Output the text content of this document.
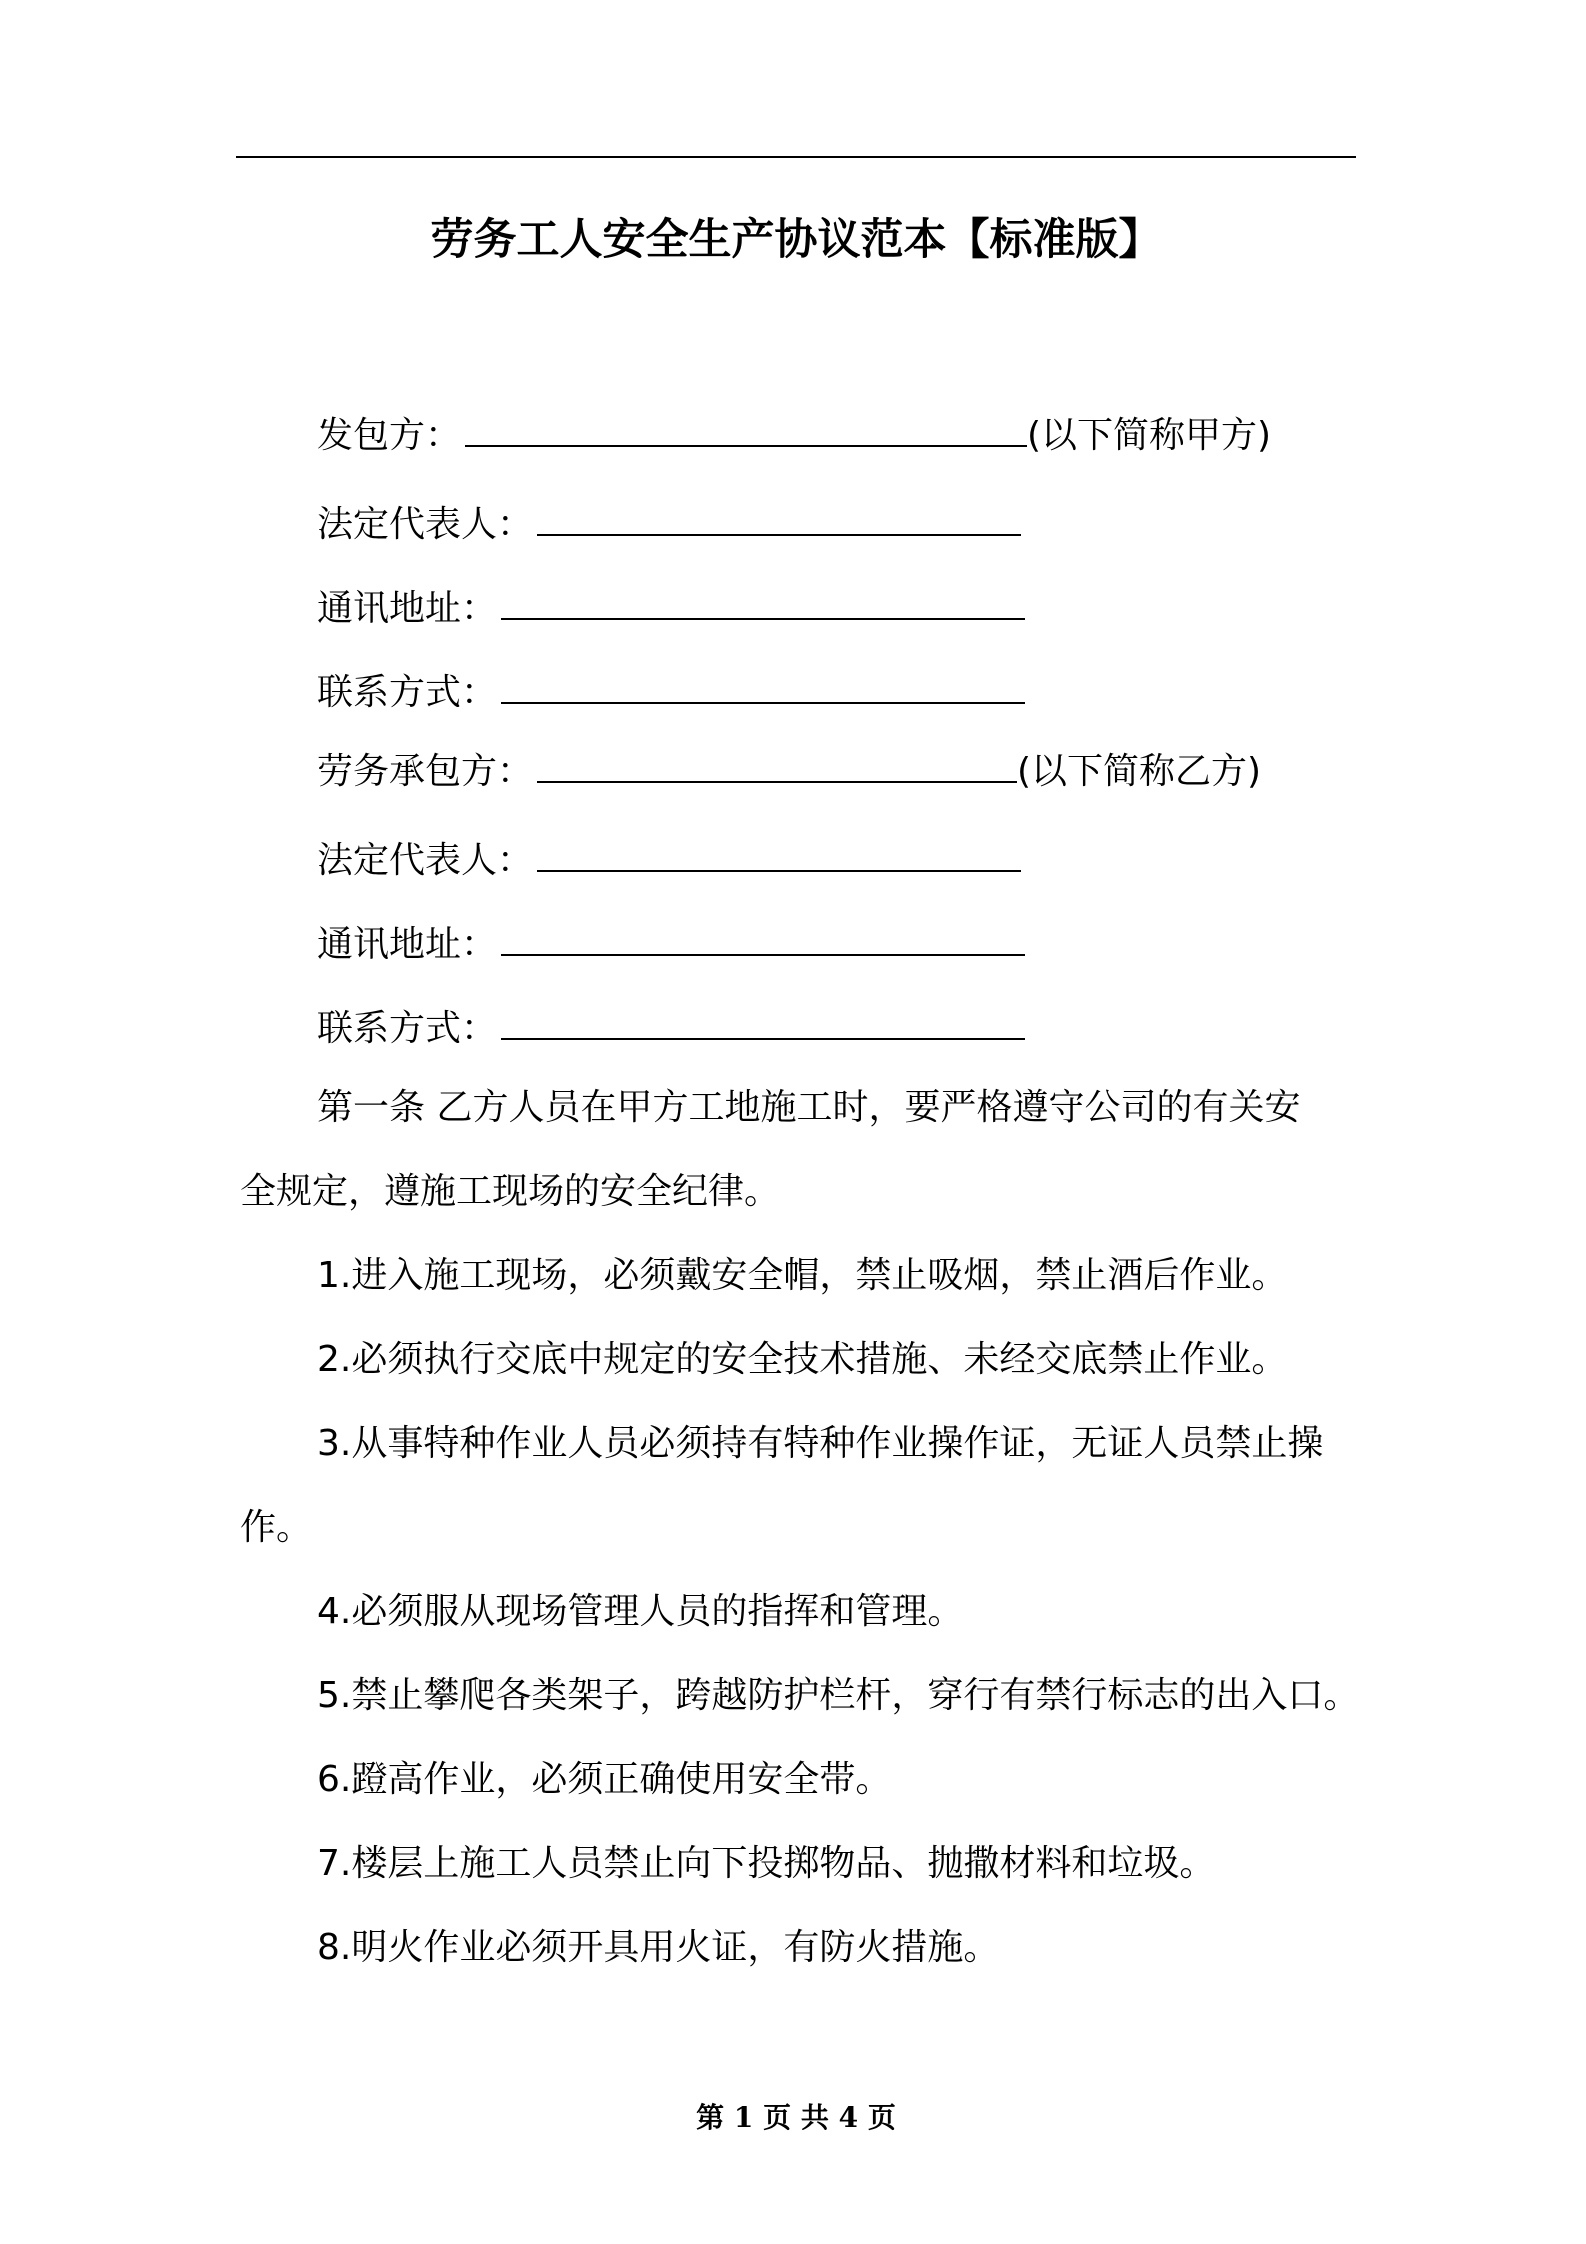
劳务工人安全生产协议范本【标准版】
发包方：	(以下简称甲方)
法定代表人：
通讯地址：
联系方式：
劳务承包方：	(以下简称乙方)
法定代表人：
通讯地址：
联系方式：
第一条 乙方人员在甲方工地施工时，要严格遵守公司的有关安
全规定，遵施工现场的安全纪律。
1.进入施工现场，必须戴安全帽，禁止吸烟，禁止酒后作业。
2.必须执行交底中规定的安全技术措施、未经交底禁止作业。
3.从事特种作业人员必须持有特种作业操作证，无证人员禁止操
作。
4.必须服从现场管理人员的指挥和管理。
5.禁止攀爬各类架子，跨越防护栏杆，穿行有禁行标志的出入口。
6.蹬高作业，必须正确使用安全带。
7.楼层上施工人员禁止向下投掷物品、抛撒材料和垃圾。
8.明火作业必须开具用火证，有防火措施。
第 1 页 共 4 页
